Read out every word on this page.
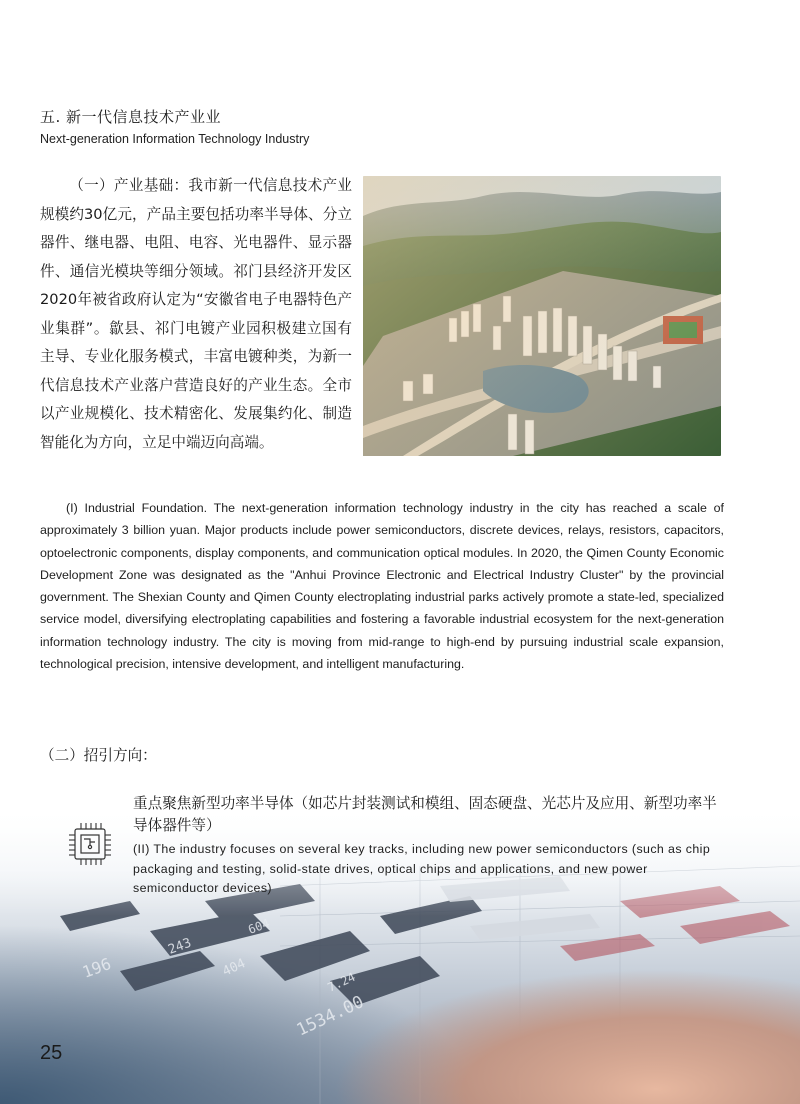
五. 新一代信息技术产业业
Next-generation Information Technology Industry

（一）产业基础：我市新一代信息技术产业规模约30亿元，产品主要包括功率半导体、分立器件、继电器、电阻、电容、光电器件、显示器件、通信光模块等细分领域。祁门县经济开发区2020年被省政府认定为“安徽省电子电器特色产业集群”。歙县、祁门电镀产业园积极建立国有主导、专业化服务模式，丰富电镀种类，为新一代信息技术产业落户营造良好的产业生态。全市以产业规模化、技术精密化、发展集约化、制造智能化为方向，立足中端迈向高端。

(I) Industrial Foundation. The next-generation information technology industry in the city has reached a scale of approximately 3 billion yuan. Major products include power semiconductors, discrete devices, relays, resistors, capacitors, optoelectronic components, display components, and communication optical modules. In 2020, the Qimen County Economic Development Zone was designated as the "Anhui Province Electronic and Electrical Industry Cluster" by the provincial government. The Shexian County and Qimen County electroplating industrial parks actively promote a state-led, specialized service model, diversifying electroplating capabilities and fostering a favorable industrial ecosystem for the next-generation information technology industry. The city is moving from mid-range to high-end by pursuing industrial scale expansion, technological precision, intensive development, and intelligent manufacturing.

（二）招引方向：

重点聚焦新型功率半导体（如芯片封装测试和模组、固态硬盘、光芯片及应用、新型功率半导体器件等）

(II) The industry focuses on several key tracks, including new power semiconductors (such as chip packaging and testing, solid-state drives, optical chips and applications, and new power semiconductor devices)

25
